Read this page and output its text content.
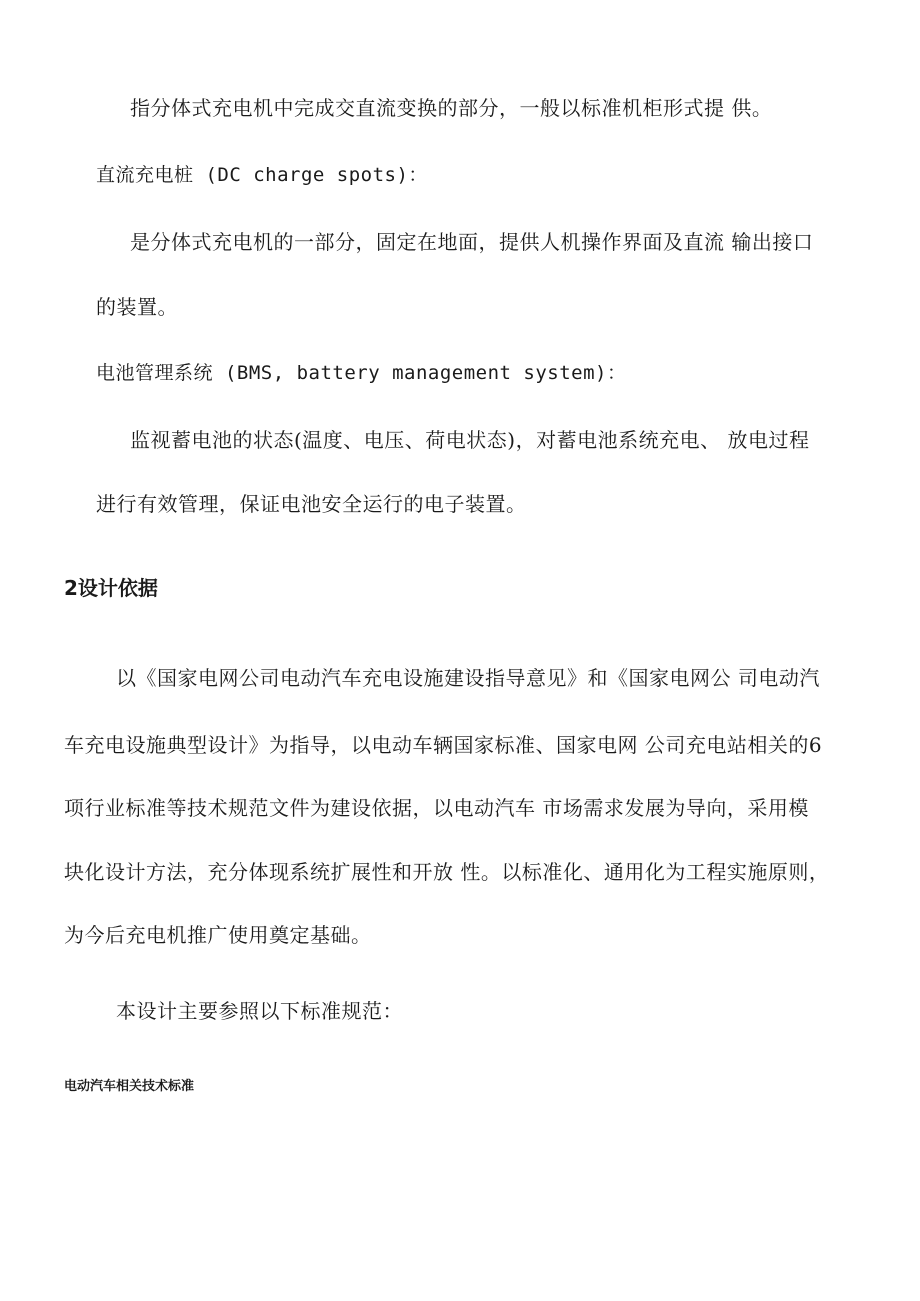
指分体式充电机中完成交直流变换的部分，一般以标准机柜形式提 供。
直流充电桩 (DC charge spots)：
是分体式充电机的一部分，固定在地面，提供人机操作界面及直流 输出接口
的装置。
电池管理系统 (BMS, battery management system)：
监视蓄电池的状态(温度、电压、荷电状态)，对蓄电池系统充电、 放电过程
进行有效管理，保证电池安全运行的电子装置。
2设计依据
以《国家电网公司电动汽车充电设施建设指导意见》和《国家电网公 司电动汽
车充电设施典型设计》为指导，以电动车辆国家标准、国家电网 公司充电站相关的6
项行业标准等技术规范文件为建设依据，以电动汽车 市场需求发展为导向，采用模
块化设计方法，充分体现系统扩展性和开放 性。以标准化、通用化为工程实施原则，
为今后充电机推广使用奠定基础。
本设计主要参照以下标准规范：
电动汽车相关技术标准
